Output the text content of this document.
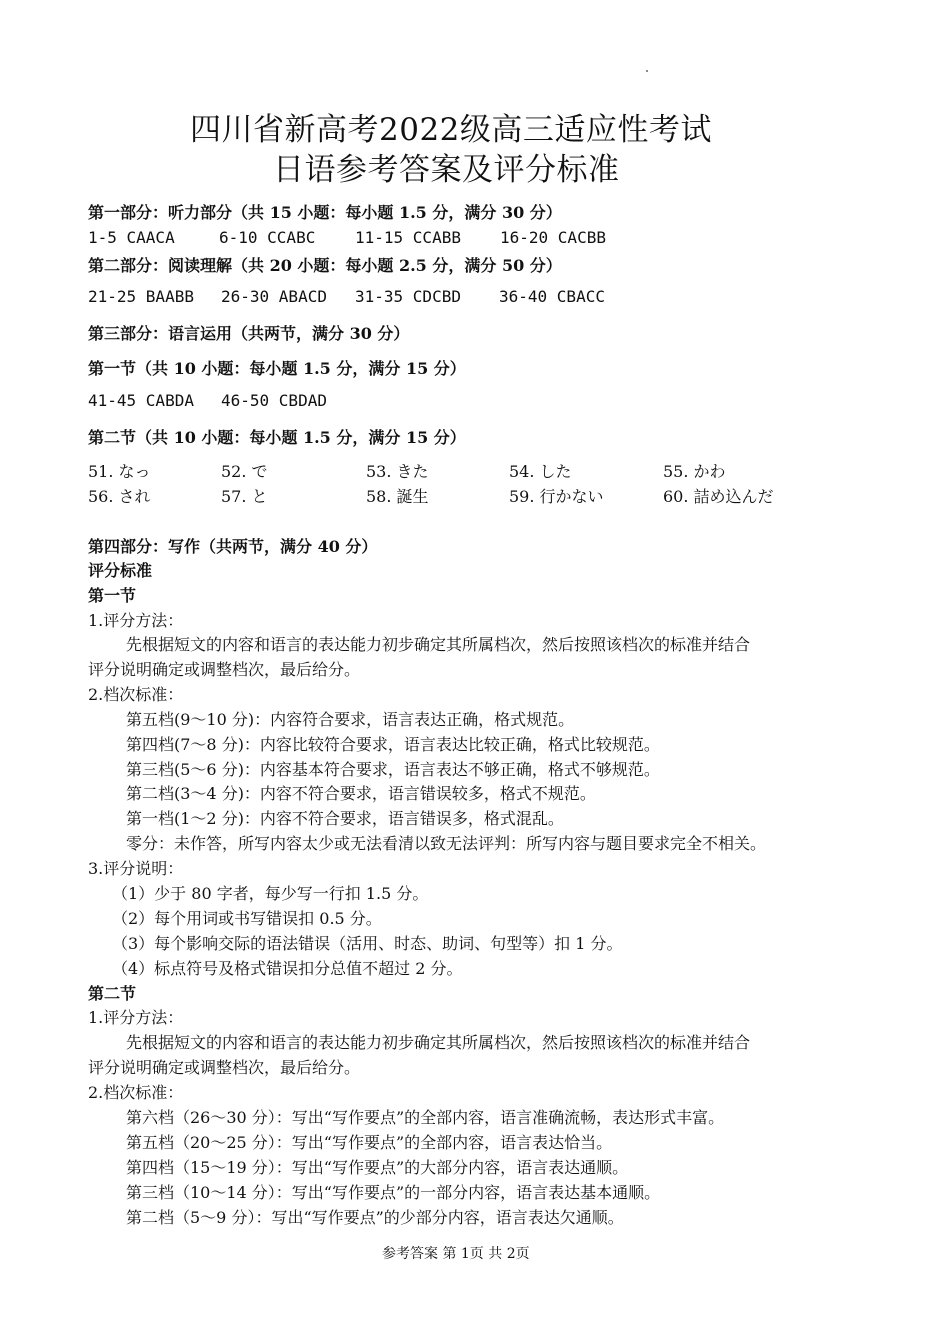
四川省新高考2022级高三适应性考试
日语参考答案及评分标准
第一部分：听力部分（共 15 小题：每小题 1.5 分，满分 30 分）
1-5 CAACA	6-10 CCABC 11-15 CCABB 16-20 CACBB
第二部分：阅读理解（共 20 小题：每小题 2.5 分，满分 50 分）
21-25 BAABB 26-30 ABACD 31-35 CDCBD 36-40 CBACC
第三部分：语言运用（共两节，满分 30 分）
第一节（共 10 小题：每小题 1.5 分，满分 15 分）
41-45 CABDA 46-50 CBDAD
第二节（共 10 小题：每小题 1.5 分，满分 15 分）
51. なっ	52. で	53. きた	54. した	55. かわ
56. され	57. と	58. 誕生	59. 行かない	60. 詰め込んだ
第四部分：写作（共两节，满分 40 分）
评分标准
第一节
1.评分方法：
先根据短文的内容和语言的表达能力初步确定其所属档次，然后按照该档次的标准并结合
评分说明确定或调整档次，最后给分。
2.档次标准：
第五档(9～10 分)：内容符合要求，语言表达正确，格式规范。
第四档(7～8 分)：内容比较符合要求，语言表达比较正确，格式比较规范。
第三档(5～6 分)：内容基本符合要求，语言表达不够正确，格式不够规范。
第二档(3～4 分)：内容不符合要求，语言错误较多，格式不规范。
第一档(1～2 分)：内容不符合要求，语言错误多，格式混乱。
零分：未作答，所写内容太少或无法看清以致无法评判：所写内容与题目要求完全不相关。
3.评分说明：
（1）少于 80 字者，每少写一行扣 1.5 分。
（2）每个用词或书写错误扣 0.5 分。
（3）每个影响交际的语法错误（活用、时态、助词、句型等）扣 1 分。
（4）标点符号及格式错误扣分总值不超过 2 分。
第二节
1.评分方法：
先根据短文的内容和语言的表达能力初步确定其所属档次，然后按照该档次的标准并结合
评分说明确定或调整档次，最后给分。
2.档次标准：
第六档（26～30 分）：写出“写作要点”的全部内容，语言准确流畅，表达形式丰富。
第五档（20～25 分）：写出“写作要点”的全部内容，语言表达恰当。
第四档（15～19 分）：写出“写作要点”的大部分内容，语言表达通顺。
第三档（10～14 分）：写出“写作要点”的一部分内容，语言表达基本通顺。
第二档（5～9 分）：写出“写作要点”的少部分内容，语言表达欠通顺。
参考答案 第 1页 共 2页
